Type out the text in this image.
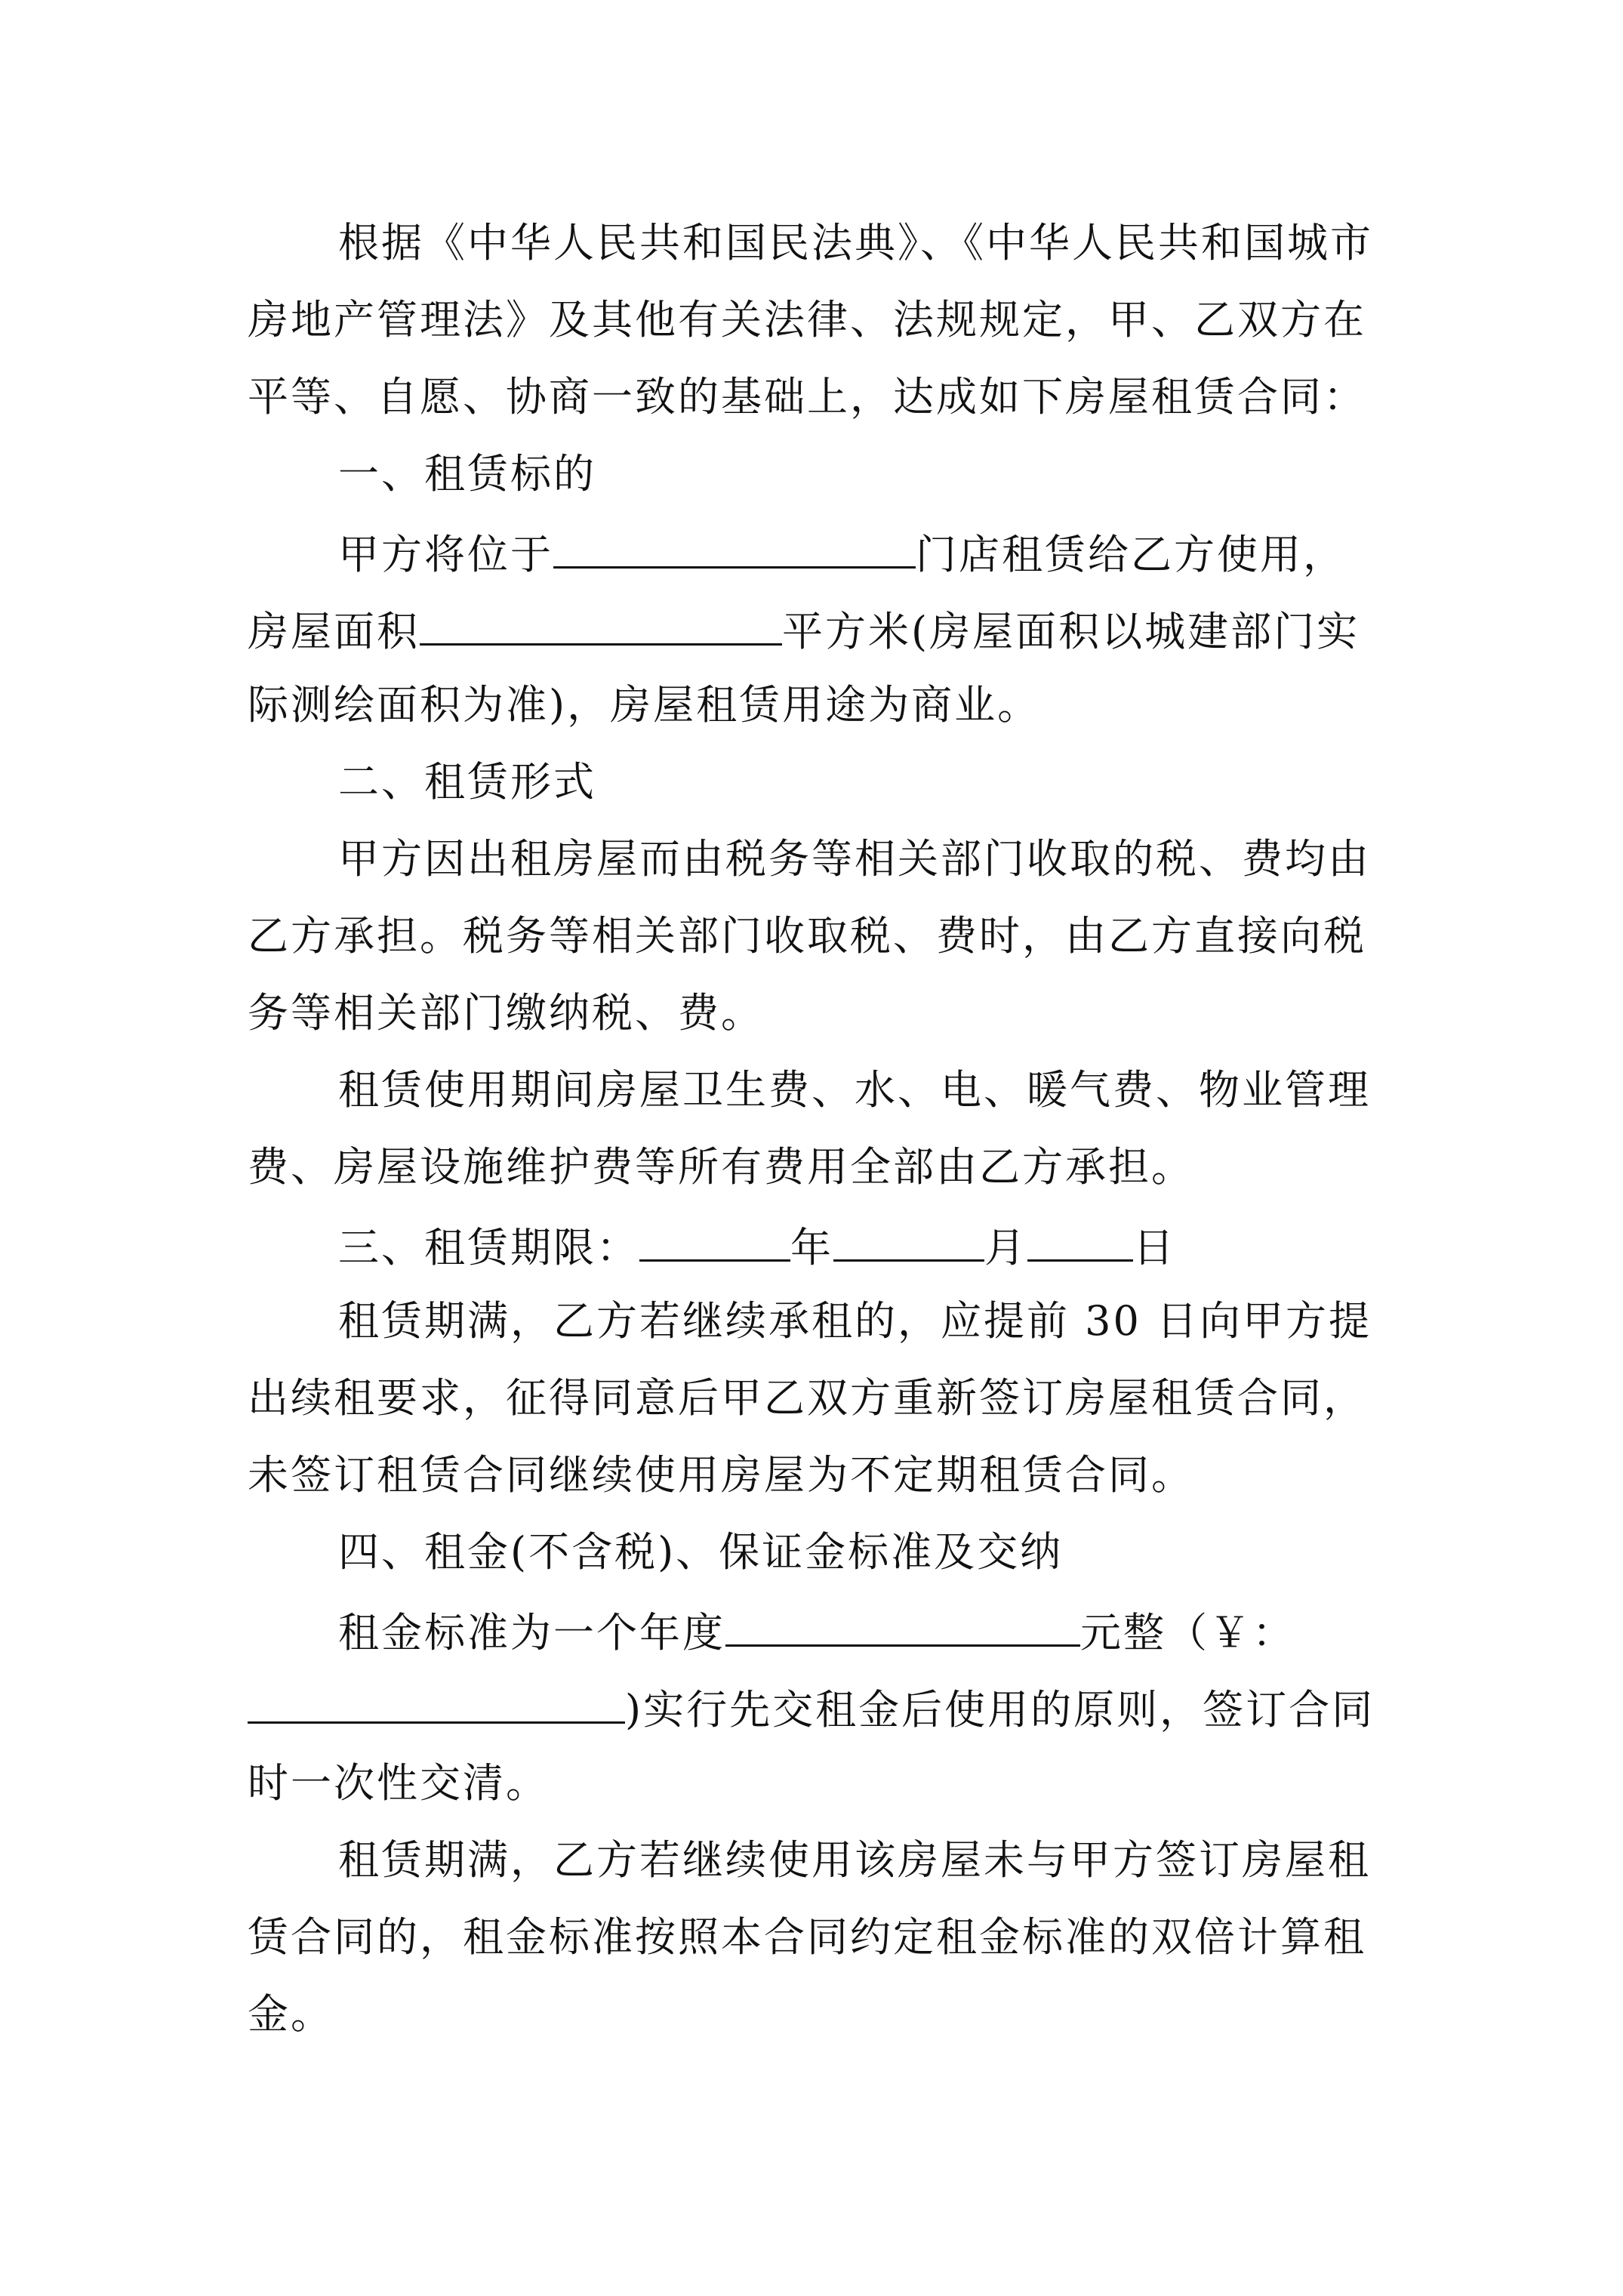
根据《中华人民共和国民法典》、《中华人民共和国城市
房地产管理法》及其他有关法律、法规规定，甲、乙双方在
平等、自愿、协商一致的基础上，达成如下房屋租赁合同：
一、租赁标的
甲方将位于	门店租赁给乙方使用，
房屋面积	平方米(房屋面积以城建部门实
际测绘面积为准)，房屋租赁用途为商业。
二、租赁形式
甲方因出租房屋而由税务等相关部门收取的税、费均由
乙方承担。税务等相关部门收取税、费时，由乙方直接向税
务等相关部门缴纳税、费。
租赁使用期间房屋卫生费、水、电、暖气费、物业管理
费、房屋设施维护费等所有费用全部由乙方承担。
三、租赁期限：	年	月	日
租赁期满，乙方若继续承租的，应提前 30 日向甲方提
出续租要求，征得同意后甲乙双方重新签订房屋租赁合同，
未签订租赁合同继续使用房屋为不定期租赁合同。
四、租金(不含税)、保证金标准及交纳
租金标准为一个年度	元整（￥：
)实行先交租金后使用的原则，签订合同
时一次性交清。
租赁期满，乙方若继续使用该房屋未与甲方签订房屋租
赁合同的，租金标准按照本合同约定租金标准的双倍计算租
金。
